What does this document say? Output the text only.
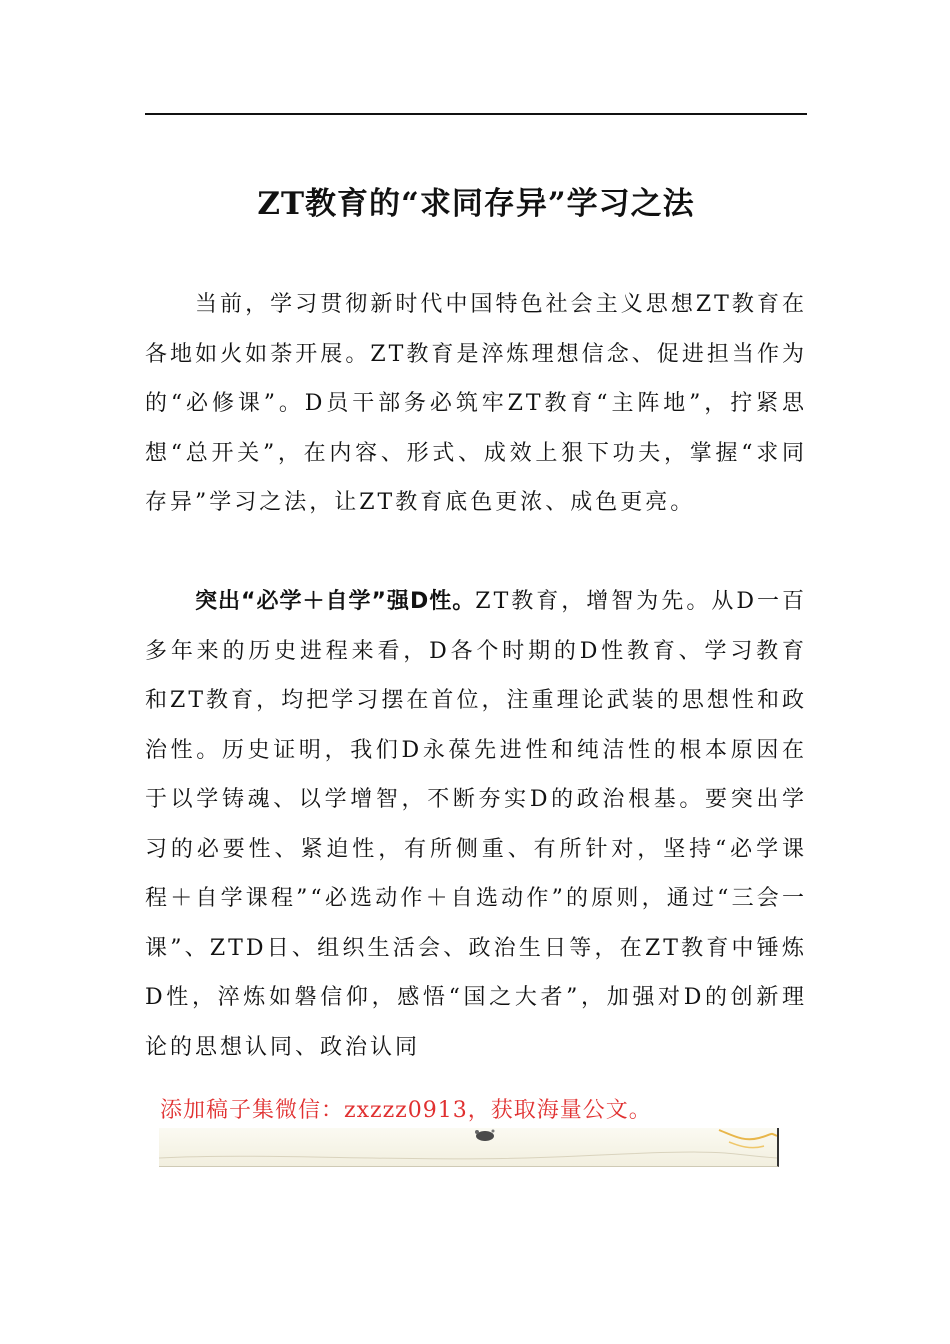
ZT教育的“求同存异”学习之法

当前，学习贯彻新时代中国特色社会主义思想ZT教育在各地如火如荼开展。ZT教育是淬炼理想信念、促进担当作为的“必修课”。D员干部务必筑牢ZT教育“主阵地”，拧紧思想“总开关”，在内容、形式、成效上狠下功夫，掌握“求同存异”学习之法，让ZT教育底色更浓、成色更亮。

突出“必学＋自学”强D性。ZT教育，增智为先。从D一百多年来的历史进程来看，D各个时期的D性教育、学习教育和ZT教育，均把学习摆在首位，注重理论武装的思想性和政治性。历史证明，我们D永葆先进性和纯洁性的根本原因在于以学铸魂、以学增智，不断夯实D的政治根基。要突出学习的必要性、紧迫性，有所侧重、有所针对，坚持“必学课程＋自学课程”“必选动作＋自选动作”的原则，通过“三会一课”、ZTD日、组织生活会、政治生日等，在ZT教育中锤炼D性，淬炼如磐信仰，感悟“国之大者”，加强对D的创新理论的思想认同、政治认同

添加稿子集微信：zxzzz0913，获取海量公文。
